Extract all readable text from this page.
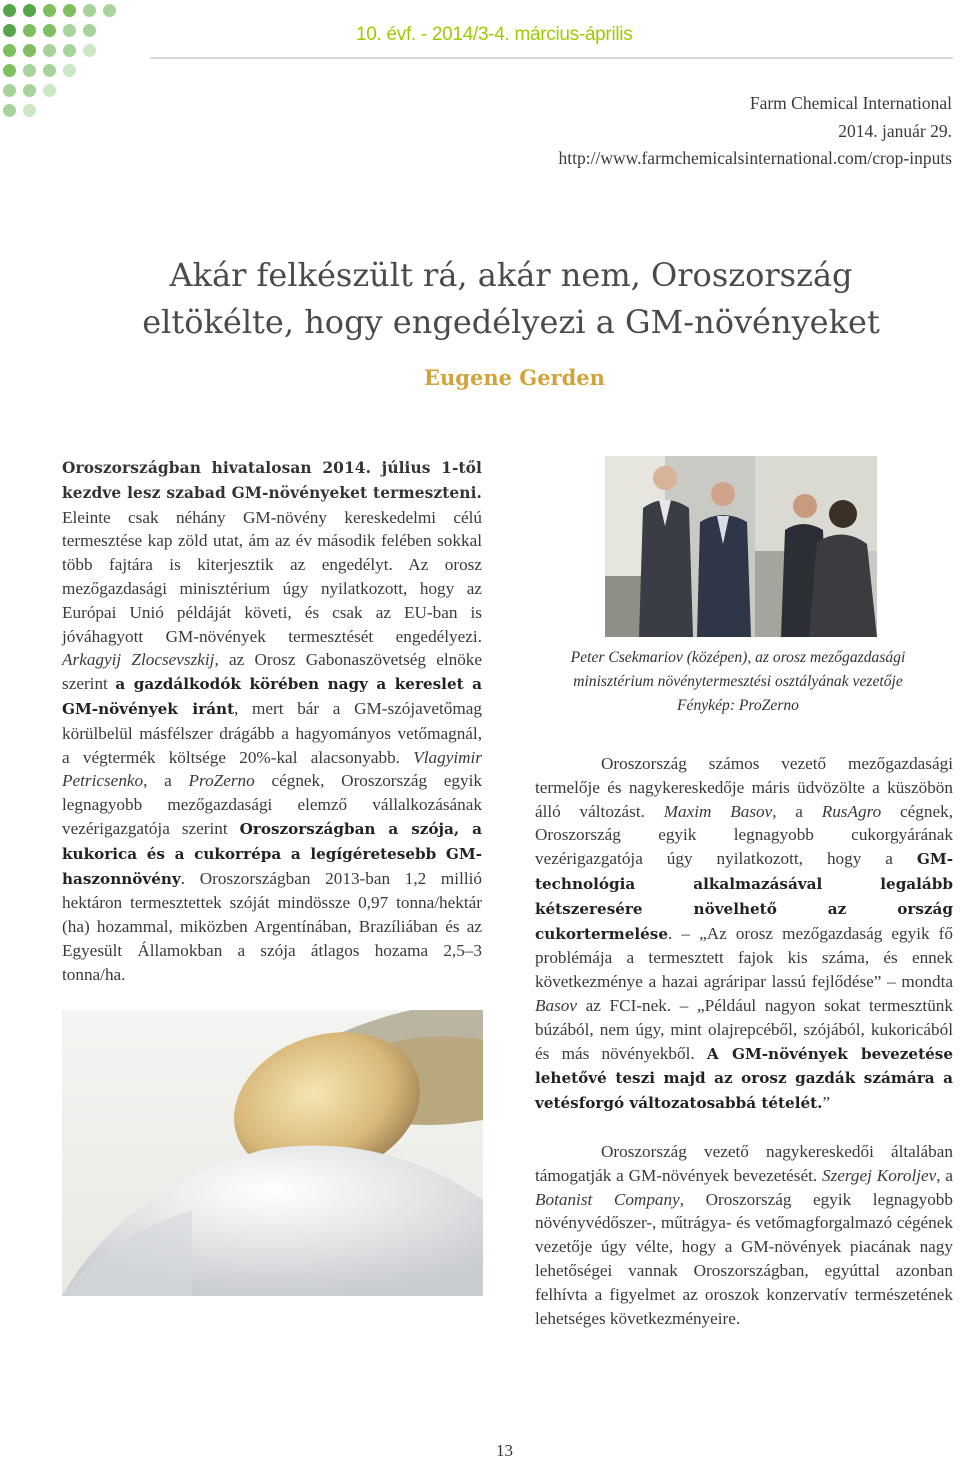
10. évf. - 2014/3-4. március-április
Farm Chemical International
2014. január 29.
http://www.farmchemicalsinternational.com/crop-inputs
Akár felkészült rá, akár nem, Oroszország
eltökélte, hogy engedélyezi a GM-növényeket
Eugene Gerden

Oroszországban hivatalosan 2014. július 1-től kezdve lesz szabad GM-növényeket termeszteni. Eleinte csak néhány GM-növény kereskedelmi célú termesztése kap zöld utat, ám az év második felében sokkal több fajtára is kiterjesztik az engedélyt. Az orosz mezőgazdasági minisztérium úgy nyilatkozott, hogy az Európai Unió példáját követi, és csak az EU-ban is jóváhagyott GM-növények termesztését engedélyezi. Arkagyij Zlocsevszkij, az Orosz Gabonaszövetség elnöke szerint a gazdálkodók körében nagy a kereslet a GM-növények iránt, mert bár a GM-szójavetőmag körülbelül másfélszer drágább a hagyományos vetőmagnál, a végtermék költsége 20%-kal alacsonyabb. Vlagyimir Petricsenko, a ProZerno cégnek, Oroszország egyik legnagyobb mezőgazdasági elemző vállalkozásának vezérigazgatója szerint Oroszországban a szója, a kukorica és a cukorrépa a legígéretesebb GM-haszonnövény. Oroszországban 2013-ban 1,2 millió hektáron termesztettek szóját mindössze 0,97 tonna/hektár (ha) hozammal, miközben Argentínában, Brazíliában és az Egyesült Államokban a szója átlagos hozama 2,5–3 tonna/ha.

Peter Csekmariov (középen), az orosz mezőgazdasági
minisztérium növénytermesztési osztályának vezetője
Fénykép: ProZerno

Oroszország számos vezető mezőgazdasági termelője és nagykereskedője máris üdvözölte a küszöbön álló változást. Maxim Basov, a RusAgro cégnek, Oroszország egyik legnagyobb cukorgyárának vezérigazgatója úgy nyilatkozott, hogy a GM-technológia alkalmazásával legalább kétszeresére növelhető az ország cukortermelése. – „Az orosz mezőgazdaság egyik fő problémája a termesztett fajok kis száma, és ennek következménye a hazai agráripar lassú fejlődése” – mondta Basov az FCI-nek. – „Például nagyon sokat termesztünk búzából, nem úgy, mint olajrepcéből, szójából, kukoricából és más növényekből. A GM-növények bevezetése lehetővé teszi majd az orosz gazdák számára a vetésforgó változatosabbá tételét.”

Oroszország vezető nagykereskedői általában támogatják a GM-növények bevezetését. Szergej Koroljev, a Botanist Company, Oroszország egyik legnagyobb növényvédőszer-, műtrágya- és vetőmagforgalmazó cégének vezetője úgy vélte, hogy a GM-növények piacának nagy lehetőségei vannak Oroszországban, egyúttal azonban felhívta a figyelmet az oroszok konzervatív természetének lehetséges következményeire.

13
